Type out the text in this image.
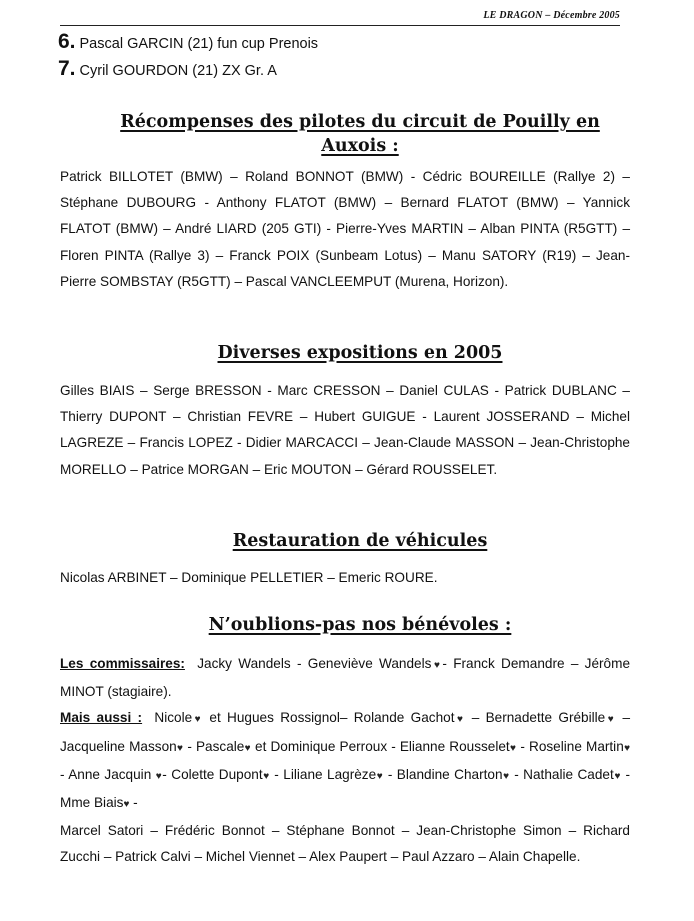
LE DRAGON – Décembre 2005
6. Pascal GARCIN (21) fun cup Prenois
7. Cyril GOURDON (21) ZX Gr. A
Récompenses des pilotes du circuit de Pouilly en
Auxois :
Patrick BILLOTET (BMW) – Roland BONNOT (BMW) - Cédric BOUREILLE (Rallye 2) – Stéphane DUBOURG - Anthony FLATOT (BMW) – Bernard FLATOT (BMW) – Yannick FLATOT (BMW) – André LIARD (205 GTI) - Pierre-Yves MARTIN – Alban PINTA (R5GTT) – Floren PINTA (Rallye 3) – Franck POIX (Sunbeam Lotus) – Manu SATORY (R19) – Jean-Pierre SOMBSTAY (R5GTT) – Pascal VANCLEEMPUT (Murena, Horizon).
Diverses expositions en 2005
Gilles BIAIS – Serge BRESSON - Marc CRESSON – Daniel CULAS - Patrick DUBLANC – Thierry DUPONT – Christian FEVRE – Hubert GUIGUE - Laurent JOSSERAND – Michel LAGREZE – Francis LOPEZ - Didier MARCACCI – Jean-Claude MASSON – Jean-Christophe MORELLO – Patrice MORGAN – Eric MOUTON – Gérard ROUSSELET.
Restauration de véhicules
Nicolas ARBINET – Dominique PELLETIER – Emeric ROURE.
N’oublions-pas nos bénévoles :
Les commissaires: Jacky Wandels - Geneviève Wandels♥- Franck Demandre – Jérôme MINOT (stagiaire).
Mais aussi : Nicole♥ et Hugues Rossignol– Rolande Gachot♥ – Bernadette Grébille♥ – Jacqueline Masson♥ - Pascale♥ et Dominique Perroux - Elianne Rousselet♥ - Roseline Martin♥ - Anne Jacquin ♥- Colette Dupont♥ - Liliane Lagrèze♥ - Blandine Charton♥ - Nathalie Cadet♥ - Mme Biais♥ -
Marcel Satori – Frédéric Bonnot – Stéphane Bonnot – Jean-Christophe Simon – Richard Zucchi – Patrick Calvi – Michel Viennet – Alex Paupert – Paul Azzaro – Alain Chapelle.
